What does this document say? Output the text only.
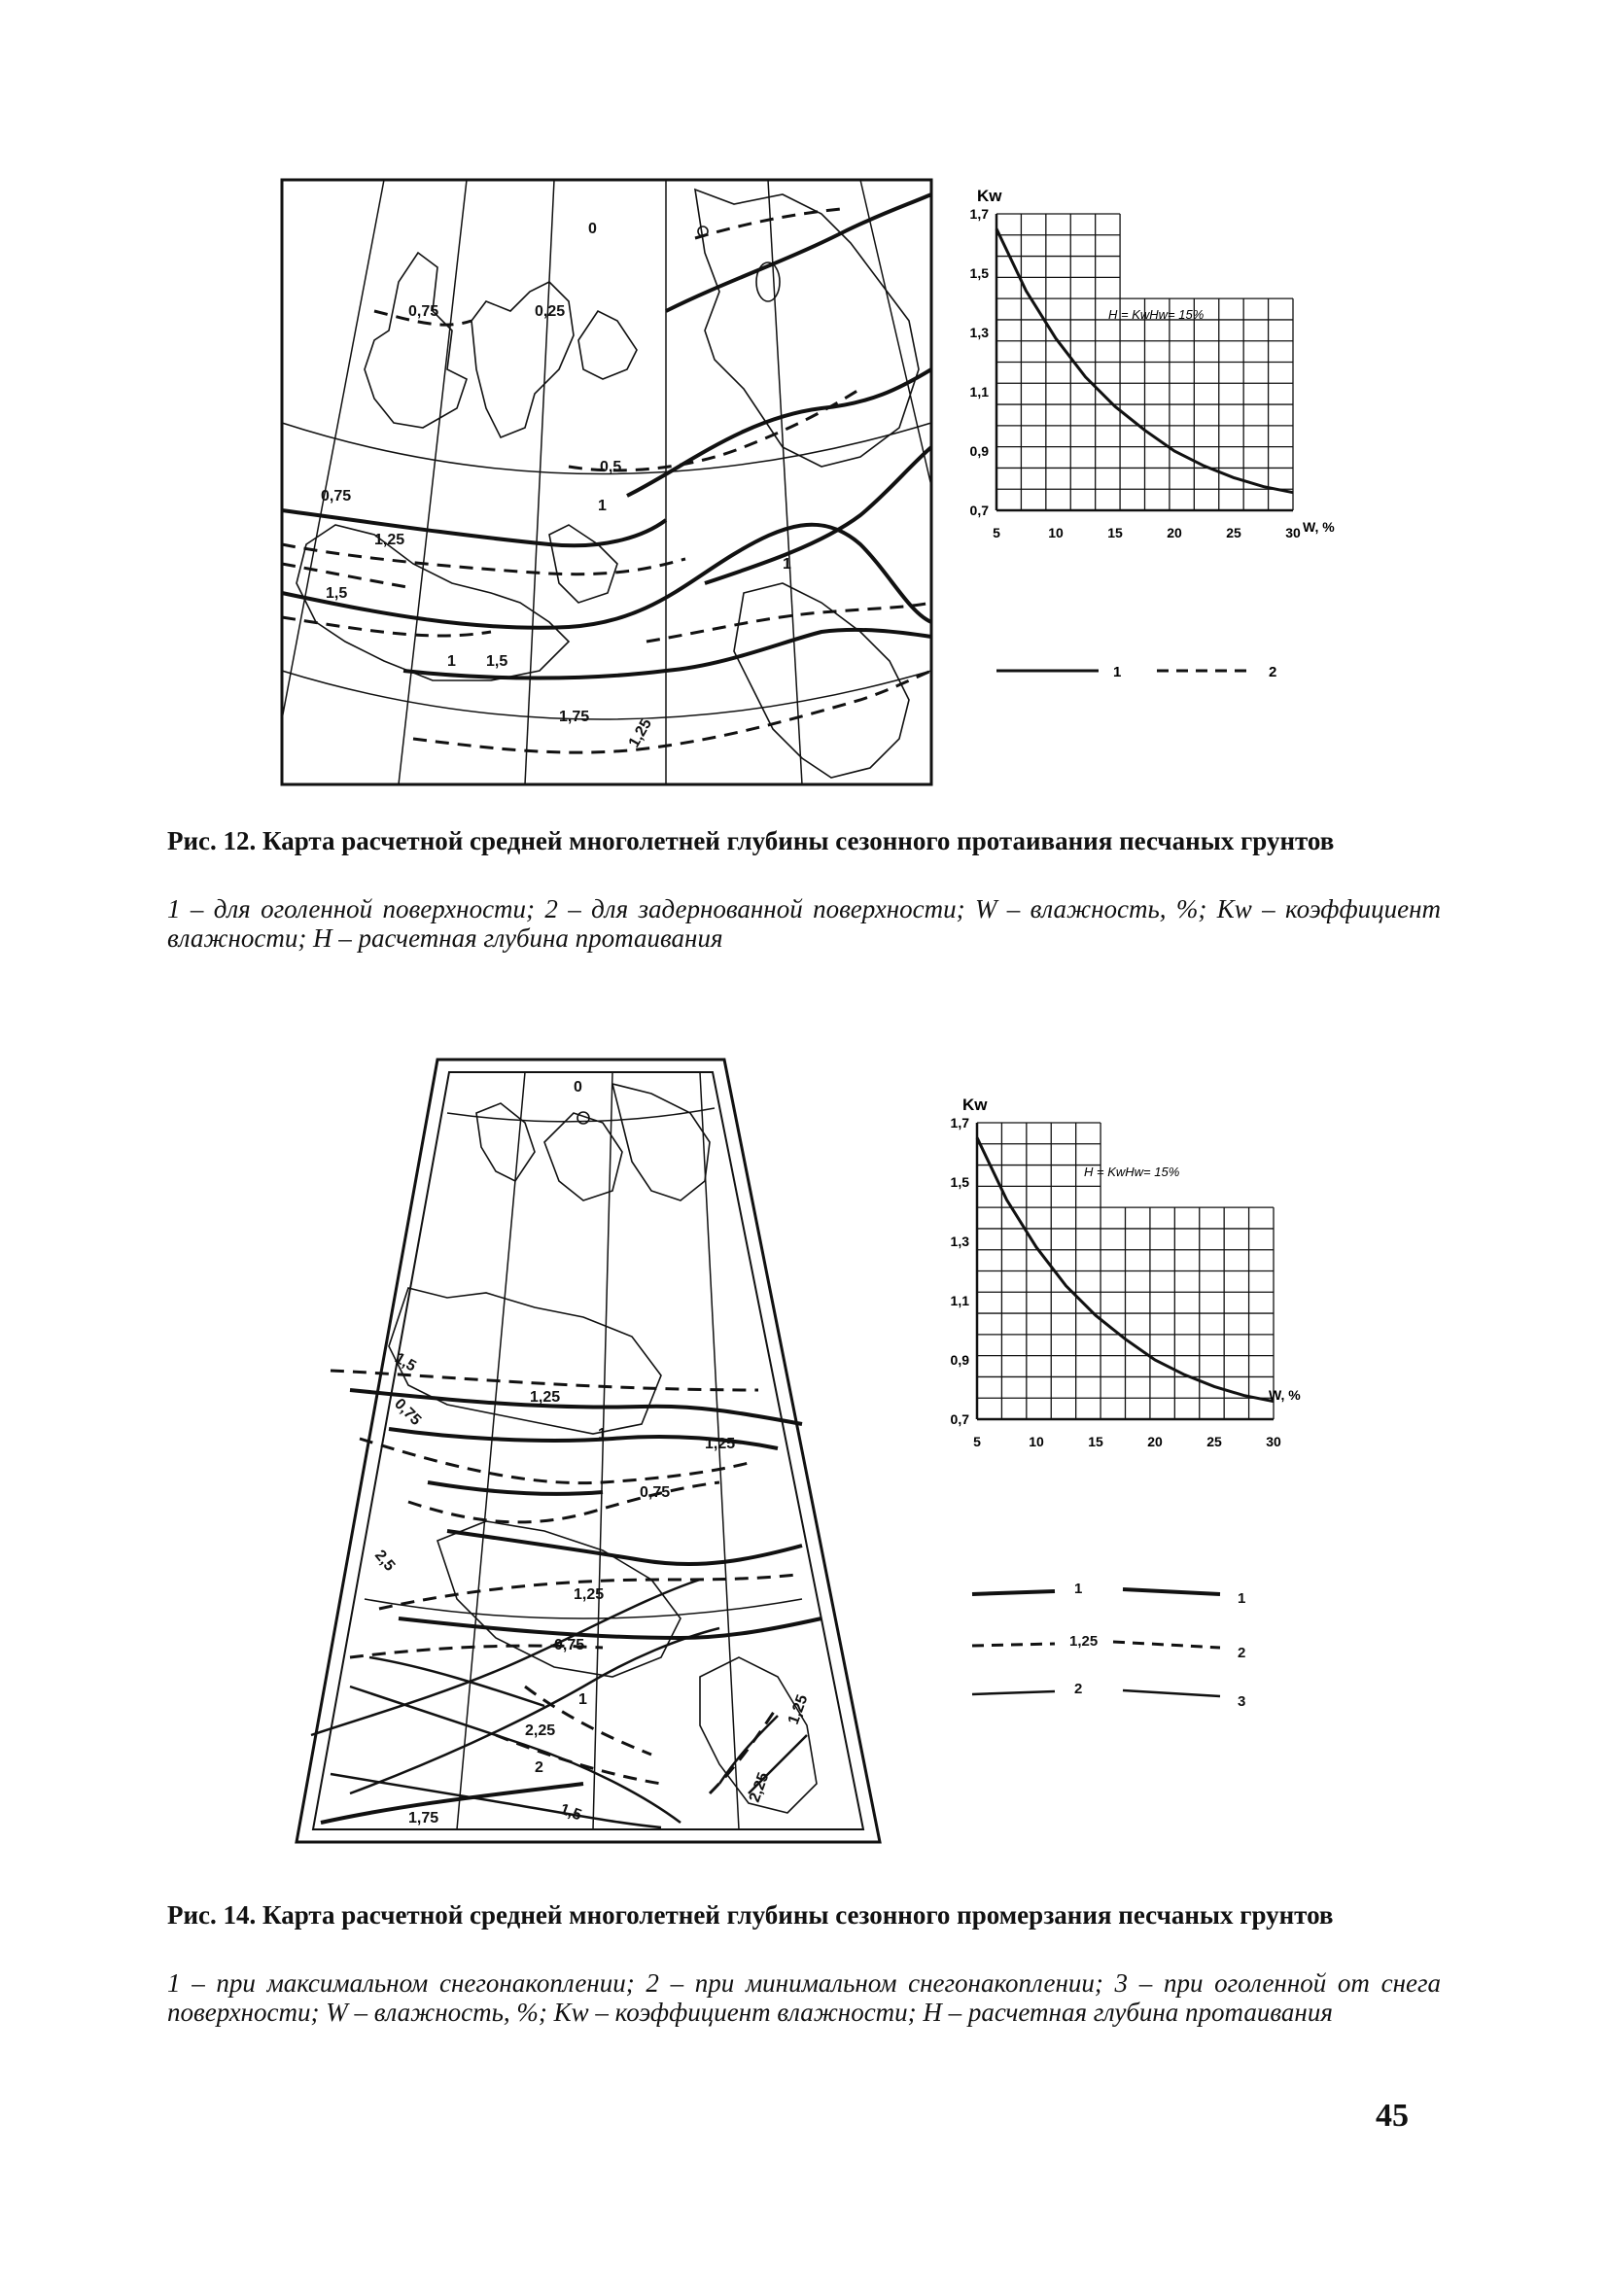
0,75	0,25
0,5
1
0,75
1,25
1,5
1,5
1
1
1,75 1,25
0
1,7
1,5
1,3
1,1
0,9
0,7
5	10	15	20	25	30
Kw
W, %
H = KwHw= 15%
1	2
Рис. 12. Карта расчетной средней многолетней глубины сезонного протаивания песчаных грунтов
1 – для оголенной поверхности; 2 – для задернованной поверхности; W – влажность, %; Kw – коэффициент влажности; H – расчетная глубина протаивания
0
1,5
0,75	1,25
1
1,25
0,75
2,5
1,25
0,75
1
2,25
2
1,5
1,75
1,25
2,25
1,7
1,5
1,3
1,1
0,9
0,7
5	10	15	20	25	30
Kw
W, %
H = KwHw= 15%
1
1
1,25
2
2
3
Рис. 14. Карта расчетной средней многолетней глубины сезонного промерзания песчаных грунтов
1 – при максимальном снегонакоплении; 2 – при минимальном снегонакоплении; 3 – при оголенной от снега поверхности; W – влажность, %; Kw – коэффициент влажности; H – расчетная глубина протаивания
45
